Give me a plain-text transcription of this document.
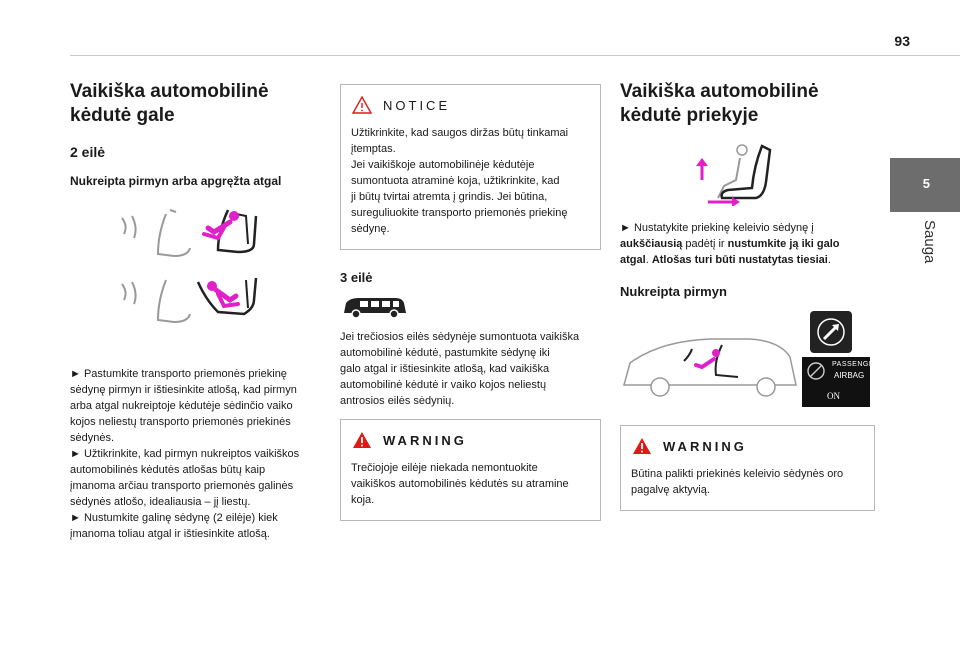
93
5
Sauga
Vaikiška automobilinė kėdutė gale
2 eilė
Nukreipta pirmyn arba apgręžta atgal

► Pastumkite transporto priemonės priekinę

sėdynę pirmyn ir ištiesinkite atlošą, kad pirmyn

arba atgal nukreiptoje kėdutėje sėdinčio vaiko

kojos neliestų transporto priemonės priekinės

sėdynės.

► Užtikrinkite, kad pirmyn nukreiptos vaikiškos

automobilinės kėdutės atlošas būtų kaip

įmanoma arčiau transporto priemonės galinės

sėdynės atlošo, idealiausia – jį liestų.

► Nustumkite galinę sėdynę (2 eilėje) kiek

įmanoma toliau atgal ir ištiesinkite atlošą.

NOTICE

Užtikrinkite, kad saugos diržas būtų tinkamai

įtemptas.

Jei vaikiškoje automobilinėje kėdutėje

sumontuota atraminė koja, užtikrinkite, kad

ji būtų tvirtai atremta į grindis. Jei būtina,

sureguliuokite transporto priemonės priekinę

sėdynę.

3 eilė

Jei trečiosios eilės sėdynėje sumontuota vaikiška

automobilinė kėdutė, pastumkite sėdynę iki

galo atgal ir ištiesinkite atlošą, kad vaikiška

automobilinė kėdutė ir vaiko kojos neliestų

antrosios eilės sėdynių.

WARNING

Trečiojoje eilėje niekada nemontuokite

vaikiškos automobilinės kėdutės su atramine

koja.

Vaikiška automobilinė kėdutė priekyje

► Nustatykite priekinę keleivio sėdynę į

aukščiausią padėtį ir nustumkite ją iki galo

atgal. Atlošas turi būti nustatytas tiesiai.

Nukreipta pirmyn
PASSENGER
AIRBAG
ON
WARNING

Būtina palikti priekinės keleivio sėdynės oro

pagalvę aktyvią.
